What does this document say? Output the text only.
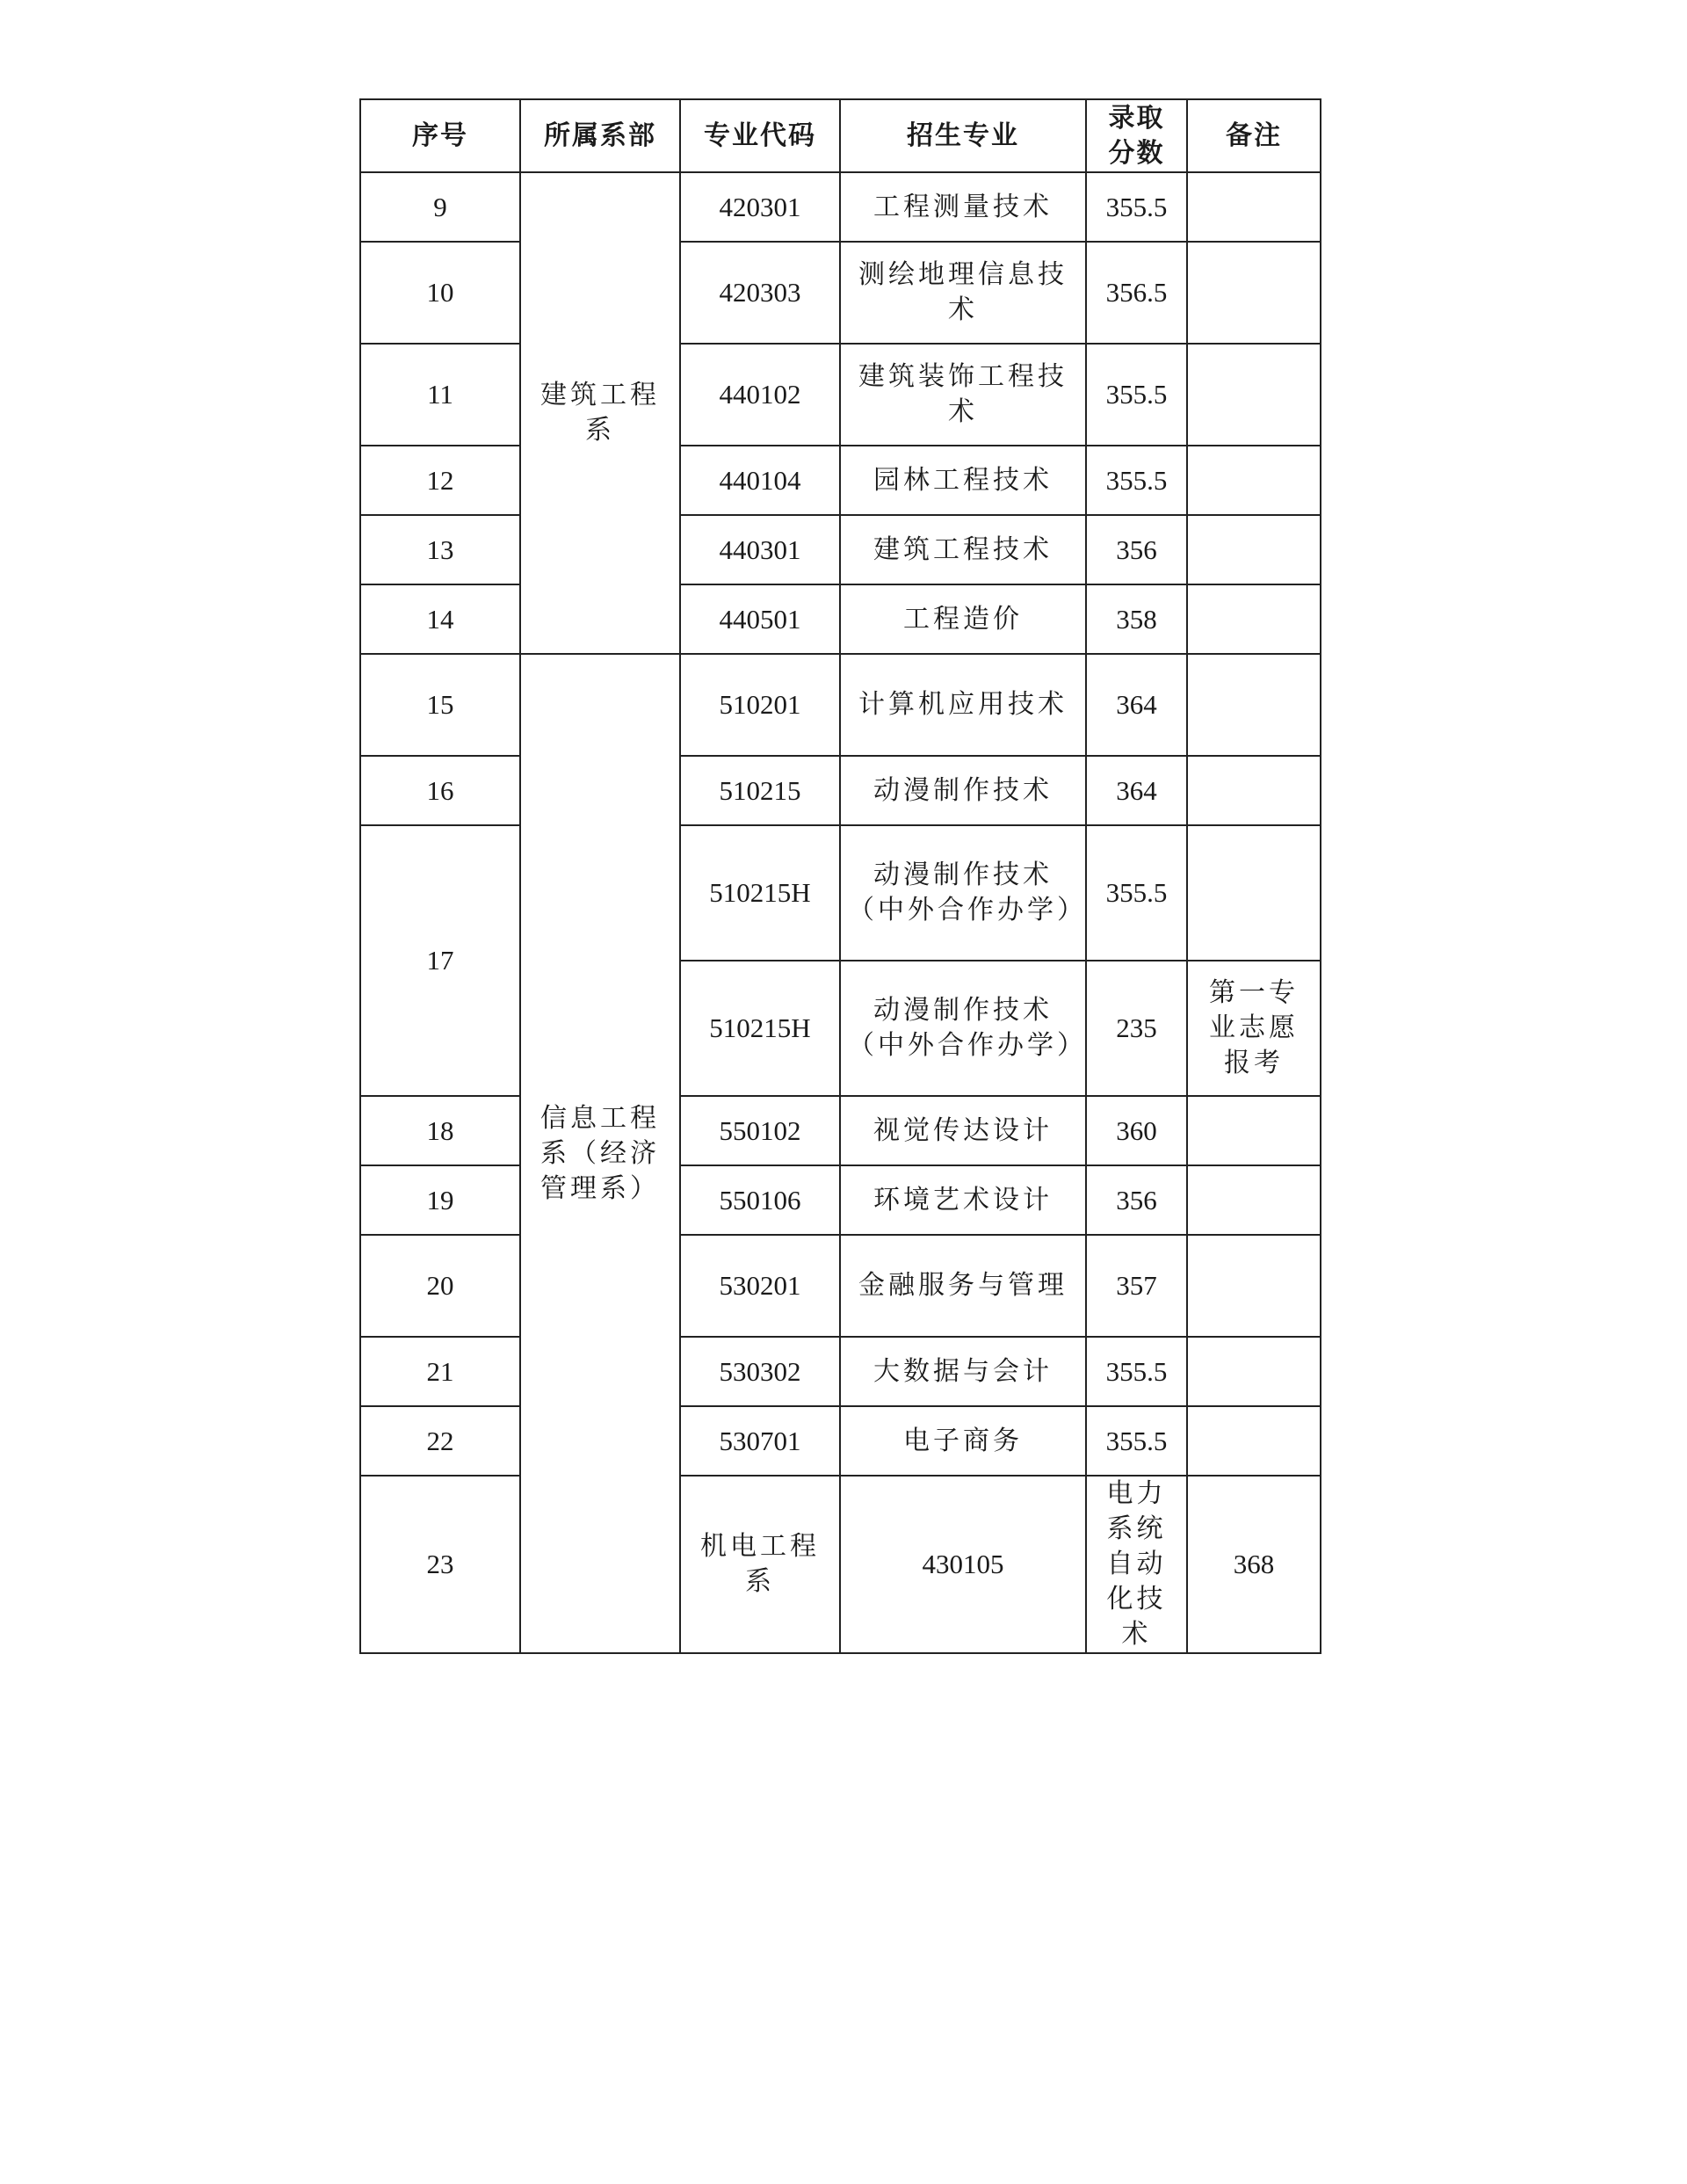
序号	所属系部	专业代码	招生专业	录取分数	备注	
9	建筑工程系	420301	工程测量技术	355.5		
10		420303	测绘地理信息技术	356.5		
11		440102	建筑装饰工程技术	355.5		
12		440104	园林工程技术	355.5		
13		440301	建筑工程技术	356		
14		440501	工程造价	358		
15	信息工程系（经济管理系）	510201	计算机应用技术	364		
16		510215	动漫制作技术	364		
17		510215H	动漫制作技术（中外合作办学）	355.5		
		510215H	动漫制作技术（中外合作办学）	235	第一专业志愿报考	
18		550102	视觉传达设计	360		
19		550106	环境艺术设计	356		
20		530201	金融服务与管理	357		
21		530302	大数据与会计	355.5		
22		530701	电子商务	355.5		
23		机电工程系	430105	电力系统自动化技术	368	
